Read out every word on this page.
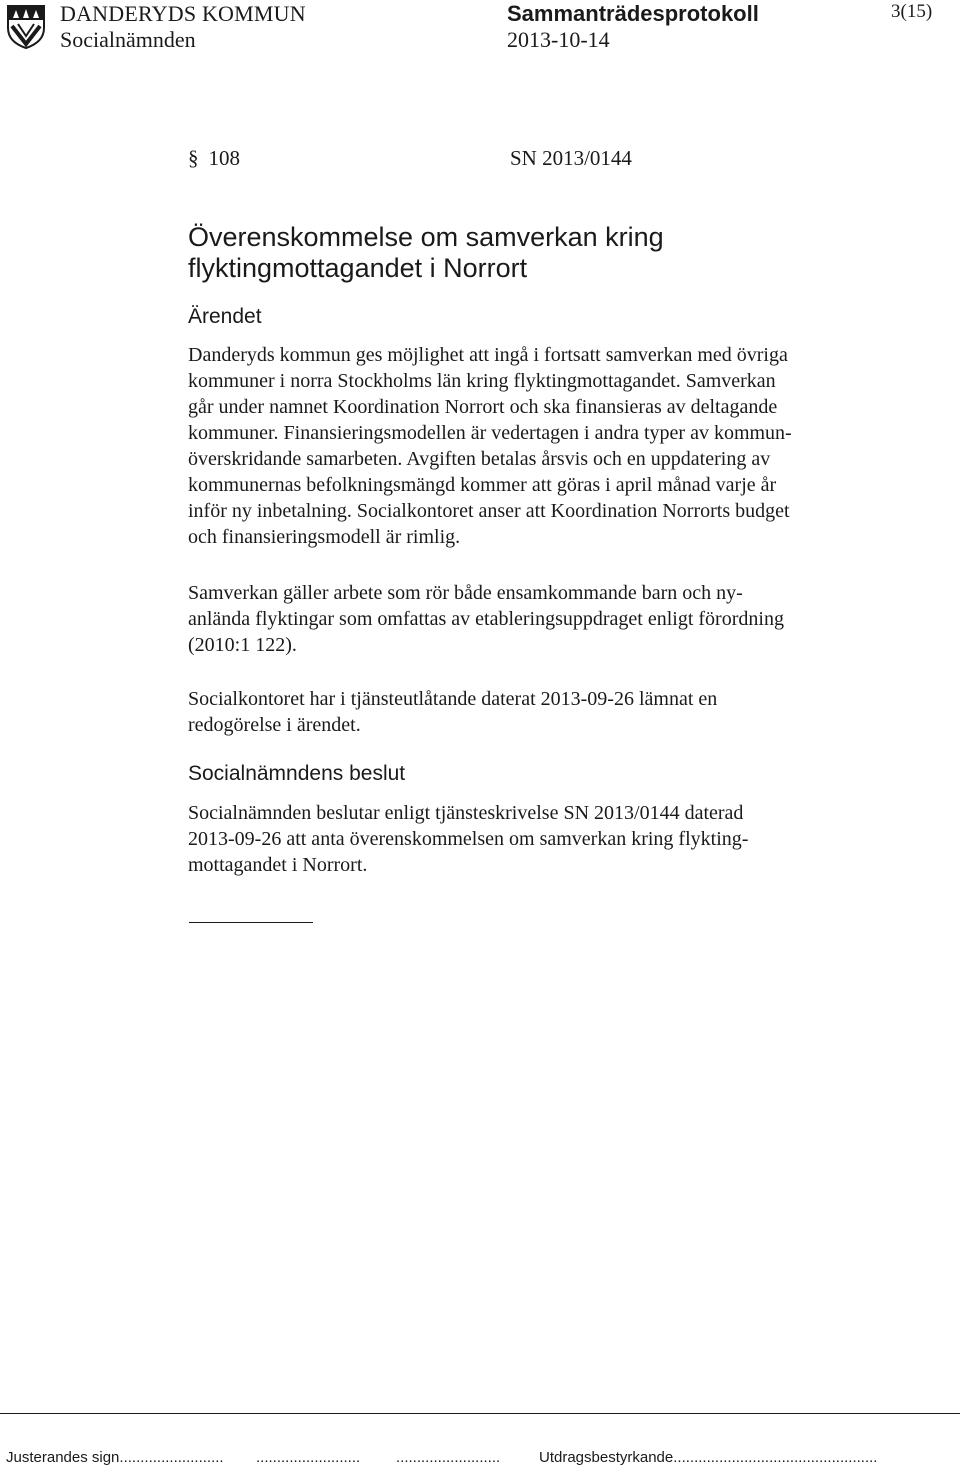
DANDERYDS KOMMUN
Socialnämnden
Sammanträdesprotokoll
2013-10-14
3(15)
§ 108	SN 2013/0144
Överenskommelse om samverkan kring
flyktingmottagandet i Norrort
Ärendet
Danderyds kommun ges möjlighet att ingå i fortsatt samverkan med övriga
kommuner i norra Stockholms län kring flyktingmottagandet. Samverkan
går under namnet Koordination Norrort och ska finansieras av deltagande
kommuner. Finansieringsmodellen är vedertagen i andra typer av kommun-
överskridande samarbeten. Avgiften betalas årsvis och en uppdatering av
kommunernas befolkningsmängd kommer att göras i april månad varje år
inför ny inbetalning. Socialkontoret anser att Koordination Norrorts budget
och finansieringsmodell är rimlig.
Samverkan gäller arbete som rör både ensamkommande barn och ny-
anlända flyktingar som omfattas av etableringsuppdraget enligt förordning
(2010:1 122).
Socialkontoret har i tjänsteutlåtande daterat 2013-09-26 lämnat en
redogörelse i ärendet.
Socialnämndens beslut
Socialnämnden beslutar enligt tjänsteskrivelse SN 2013/0144 daterad
2013-09-26 att anta överenskommelsen om samverkan kring flykting-
mottagandet i Norrort.
Justerandes sign......................... ......................... .........................	Utdragsbestyrkande.................................................
